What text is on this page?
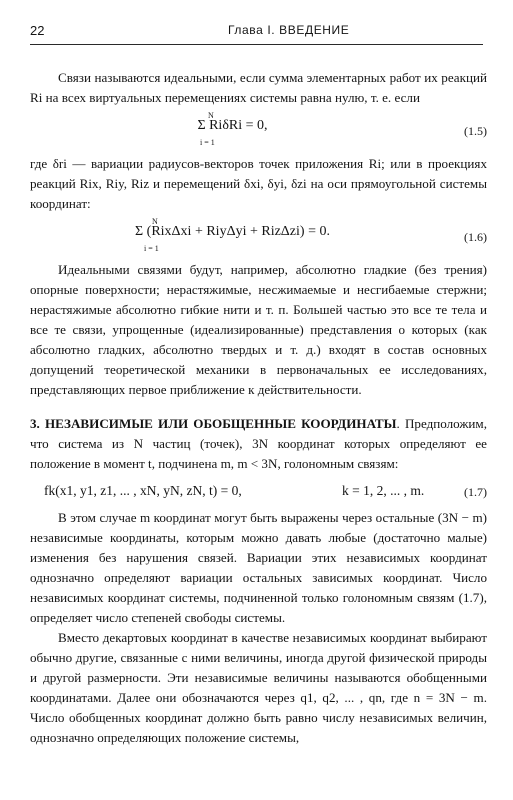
22	Глава I. ВВЕДЕНИЕ

Связи называются идеальными, если сумма элементарных работ их реакций Ri на всех виртуальных перемещениях системы равна нулю, т. е. если

Σ RiδRi = 0,
N
i = 1
(1.5)

где δri — вариации радиусов-векторов точек приложения Ri; или в проекциях реакций Rix, Riy, Riz и перемещений δxi, δyi, δzi на оси прямоугольной системы координат:

Σ (RixΔxi + RiyΔyi + RizΔzi) = 0.
N
i = 1
(1.6)

Идеальными связями будут, например, абсолютно гладкие (без трения) опорные поверхности; нерастяжимые, несжимаемые и несгибаемые стержни; нерастяжимые абсолютно гибкие нити и т. п. Большей частью это все те тела и все те связи, упрощенные (идеализированные) представления о которых (как абсолютно гладких, абсолютно твердых и т. д.) входят в состав основных допущений теоретической механики в первоначальных ее исследованиях, представляющих первое приближение к действительности.

3. НЕЗАВИСИМЫЕ ИЛИ ОБОБЩЕННЫЕ КООРДИНАТЫ. Предположим, что система из N частиц (точек), 3N координат которых определяют ее положение в момент t, подчинена m, m < 3N, голономным связям:

fk(x1, y1, z1, ... , xN, yN, zN, t) = 0,	k = 1, 2, ... , m.	(1.7)

В этом случае m координат могут быть выражены через остальные (3N − m) независимые координаты, которым можно давать любые (достаточно малые) изменения без нарушения связей. Вариации этих независимых координат однозначно определяют вариации остальных зависимых координат. Число независимых координат системы, подчиненной только голономным связям (1.7), определяет число степеней свободы системы.

Вместо декартовых координат в качестве независимых координат выбирают обычно другие, связанные с ними величины, иногда другой физической природы и другой размерности. Эти независимые величины называются обобщенными координатами. Далее они обозначаются через q1, q2, ... , qn, где n = 3N − m. Число обобщенных координат должно быть равно числу независимых величин, однозначно определяющих положение системы,
